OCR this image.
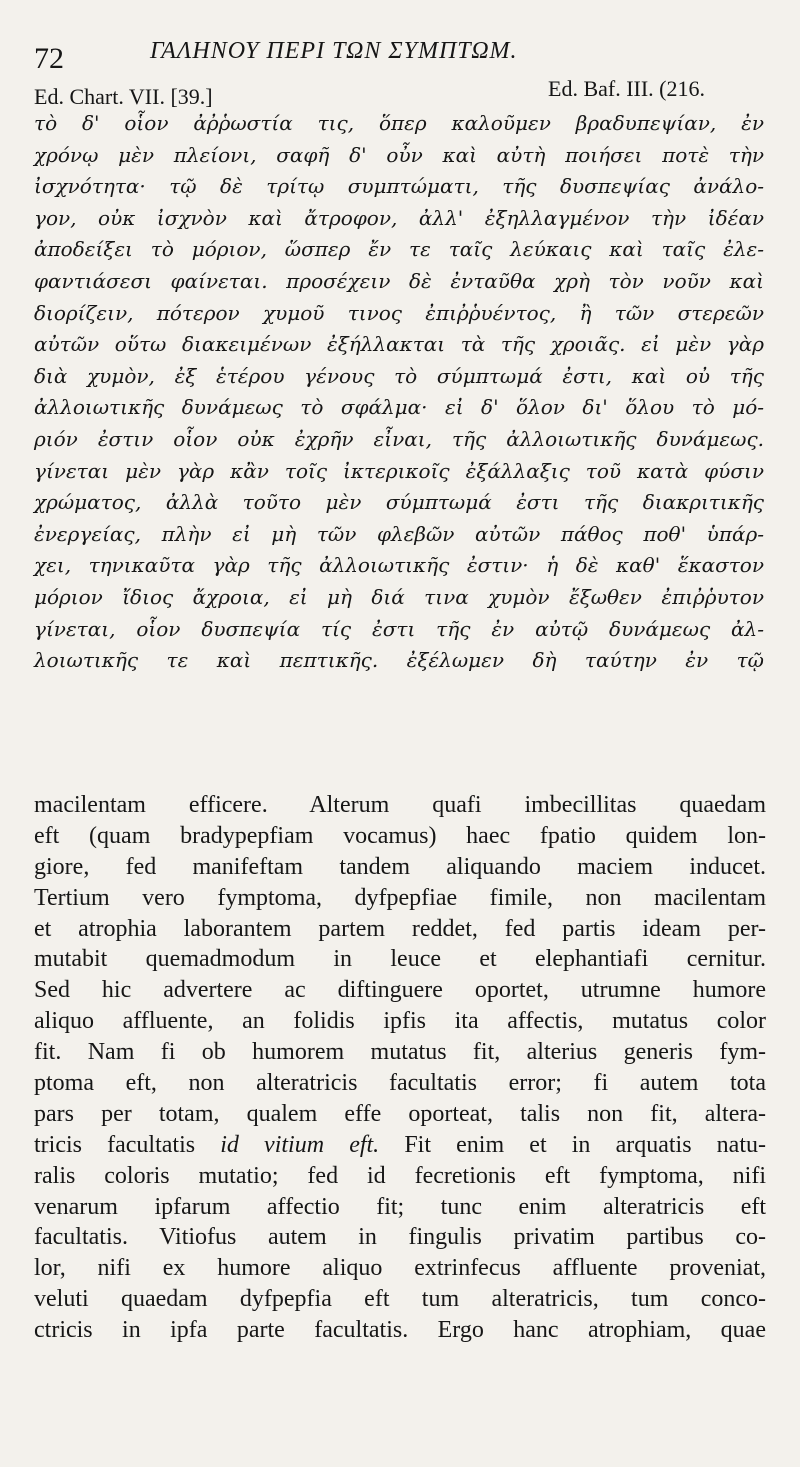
72	ΓΑΛΗΝΟΥ ΠΕΡΙ ΤΩΝ ΣΥΜΠΤΩΜ.
Ed. Chart. VII. [39.]	Ed. Baf. III. (216.
τὸ δ' οἷον ἀῤῥωστία τις, ὅπερ καλοῦμεν βραδυπεψίαν, ἐν
χρόνῳ μὲν πλείονι, σαφῆ δ' οὖν καὶ αὐτὴ ποιήσει ποτὲ τὴν
ἰσχνότητα· τῷ δὲ τρίτῳ συμπτώματι, τῆς δυσπεψίας ἀνάλο-
γον, οὐκ ἰσχνὸν καὶ ἄτροφον, ἀλλ' ἐξηλλαγμένον τὴν ἰδέαν
ἀποδείξει τὸ μόριον, ὥσπερ ἔν τε ταῖς λεύκαις καὶ ταῖς ἐλε-
φαντιάσεσι φαίνεται. προσέχειν δὲ ἐνταῦθα χρὴ τὸν νοῦν καὶ
διορίζειν, πότερον χυμοῦ τινος ἐπιῤῥυέντος, ἢ τῶν στερεῶν
αὐτῶν οὕτω διακειμένων ἐξήλλακται τὰ τῆς χροιᾶς. εἰ μὲν γὰρ
διὰ χυμὸν, ἐξ ἑτέρου γένους τὸ σύμπτωμά ἐστι, καὶ οὐ τῆς
ἀλλοιωτικῆς δυνάμεως τὸ σφάλμα· εἰ δ' ὅλον δι' ὅλου τὸ μό-
ριόν ἐστιν οἷον οὐκ ἐχρῆν εἶναι, τῆς ἀλλοιωτικῆς δυνάμεως.
γίνεται μὲν γὰρ κἂν τοῖς ἰκτερικοῖς ἐξάλλαξις τοῦ κατὰ φύσιν
χρώματος, ἀλλὰ τοῦτο μὲν σύμπτωμά ἐστι τῆς διακριτικῆς
ἐνεργείας, πλὴν εἰ μὴ τῶν φλεβῶν αὐτῶν πάθος ποθ' ὑπάρ-
χει, τηνικαῦτα γὰρ τῆς ἀλλοιωτικῆς ἐστιν· ἡ δὲ καθ' ἕκαστον
μόριον ἴδιος ἄχροια, εἰ μὴ διά τινα χυμὸν ἔξωθεν ἐπιῤῥυτον
γίνεται, οἷον δυσπεψία τίς ἐστι τῆς ἐν αὐτῷ δυνάμεως ἀλ-
λοιωτικῆς τε καὶ πεπτικῆς. ἐξέλωμεν δὴ ταύτην ἐν τῷ
macilentam efficere. Alterum quafi imbecillitas quaedam
eft (quam bradypepfiam vocamus) haec fpatio quidem lon-
giore, fed manifeftam tandem aliquando maciem inducet.
Tertium vero fymptoma, dyfpepfiae fimile, non macilentam
et atrophia laborantem partem reddet, fed partis ideam per-
mutabit quemadmodum in leuce et elephantiafi cernitur.
Sed hic advertere ac diftinguere oportet, utrumne humore
aliquo affluente, an folidis ipfis ita affectis, mutatus color
fit. Nam fi ob humorem mutatus fit, alterius generis fym-
ptoma eft, non alteratricis facultatis error; fi autem tota
pars per totam, qualem effe oporteat, talis non fit, altera-
tricis facultatis id vitium eft. Fit enim et in arquatis natu-
ralis coloris mutatio; fed id fecretionis eft fymptoma, nifi
venarum ipfarum affectio fit; tunc enim alteratricis eft
facultatis. Vitiofus autem in fingulis privatim partibus co-
lor, nifi ex humore aliquo extrinfecus affluente proveniat,
veluti quaedam dyfpepfia eft tum alteratricis, tum conco-
ctricis in ipfa parte facultatis. Ergo hanc atrophiam, quae
